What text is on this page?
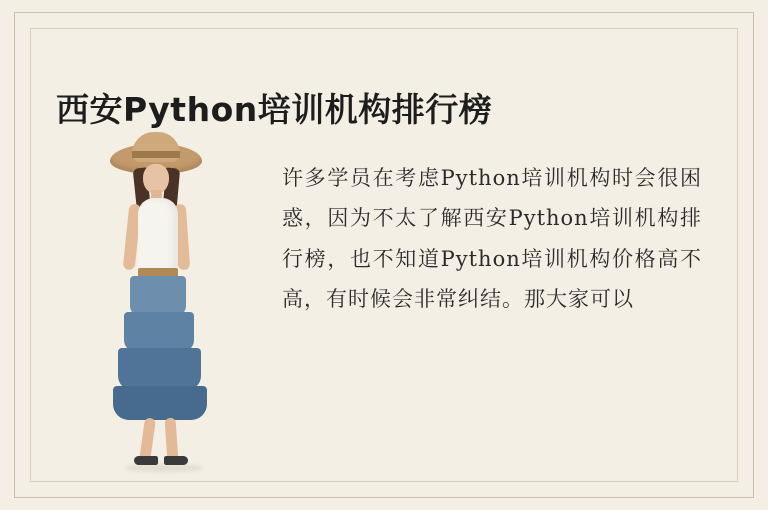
西安Python培训机构排行榜

许多学员在考虑Python培训机构时会很困惑，因为不太了解西安Python培训机构排行榜，也不知道Python培训机构价格高不高，有时候会非常纠结。那大家可以
